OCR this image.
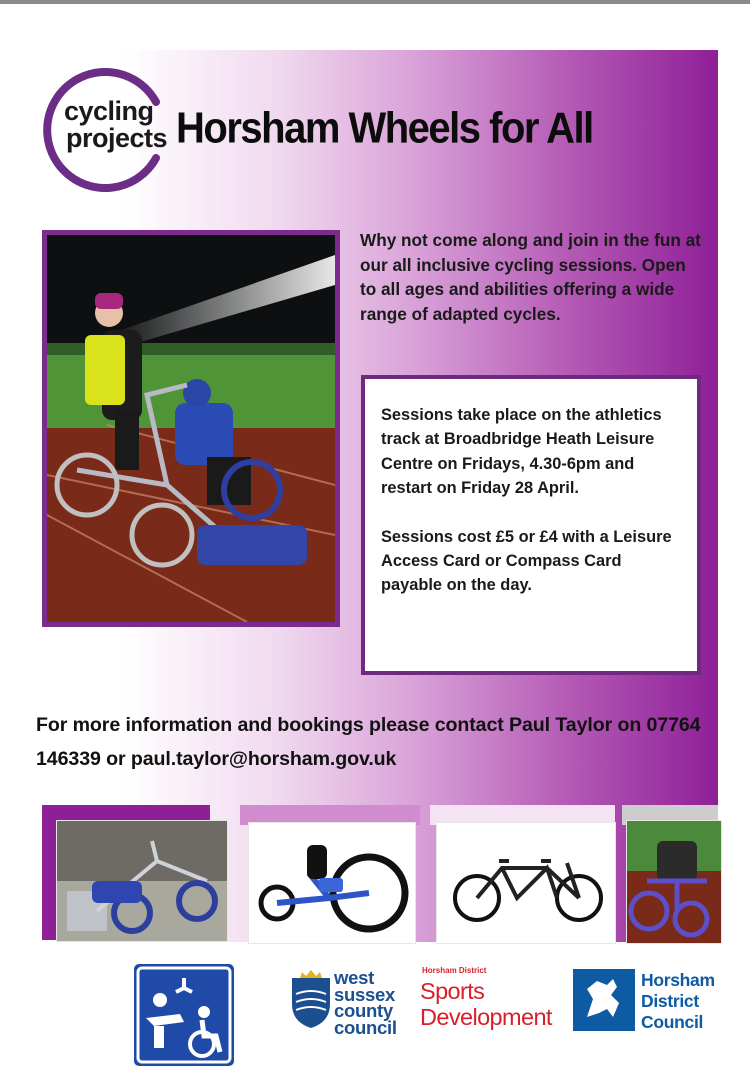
cycling
projects Horsham Wheels for All
Why not come along and join in the fun at our all inclusive cycling sessions. Open to all ages and abilities offering a wide range of adapted cycles.

Sessions take place on the athletics track at Broadbridge Heath Leisure Centre on Fridays, 4.30-6pm and restart on Friday 28 April.

Sessions cost £5 or £4 with a Leisure Access Card or Compass Card payable on the day.

For more information and bookings please contact Paul Taylor on 07764 146339 or paul.taylor@horsham.gov.uk
west
sussex
county
council
Horsham District
Sports
Development
Horsham
District
Council
